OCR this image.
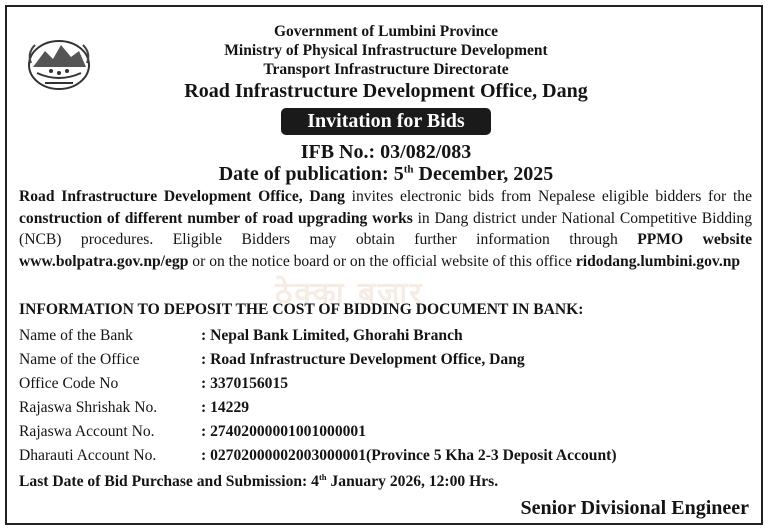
Government of Lumbini Province
Ministry of Physical Infrastructure Development
Transport Infrastructure Directorate
Road Infrastructure Development Office, Dang
Invitation for Bids
IFB No.: 03/082/083
Date of publication: 5th December, 2025
Road Infrastructure Development Office, Dang invites electronic bids from Nepalese eligible bidders for the construction of different number of road upgrading works in Dang district under National Competitive Bidding (NCB) procedures. Eligible Bidders may obtain further information through PPMO website www.bolpatra.gov.np/egp or on the notice board or on the official website of this office ridodang.lumbini.gov.np
ठेक्का बजार
INFORMATION TO DEPOSIT THE COST OF BIDDING DOCUMENT IN BANK:
Name of the Bank	: Nepal Bank Limited, Ghorahi Branch
Name of the Office	: Road Infrastructure Development Office, Dang
Office Code No	: 3370156015
Rajaswa Shrishak No.	: 14229
Rajaswa Account No.	: 27402000001001000001
Dharauti Account No.	: 02702000002003000001(Province 5 Kha 2-3 Deposit Account)
Last Date of Bid Purchase and Submission: 4th January 2026, 12:00 Hrs.
Senior Divisional Engineer
